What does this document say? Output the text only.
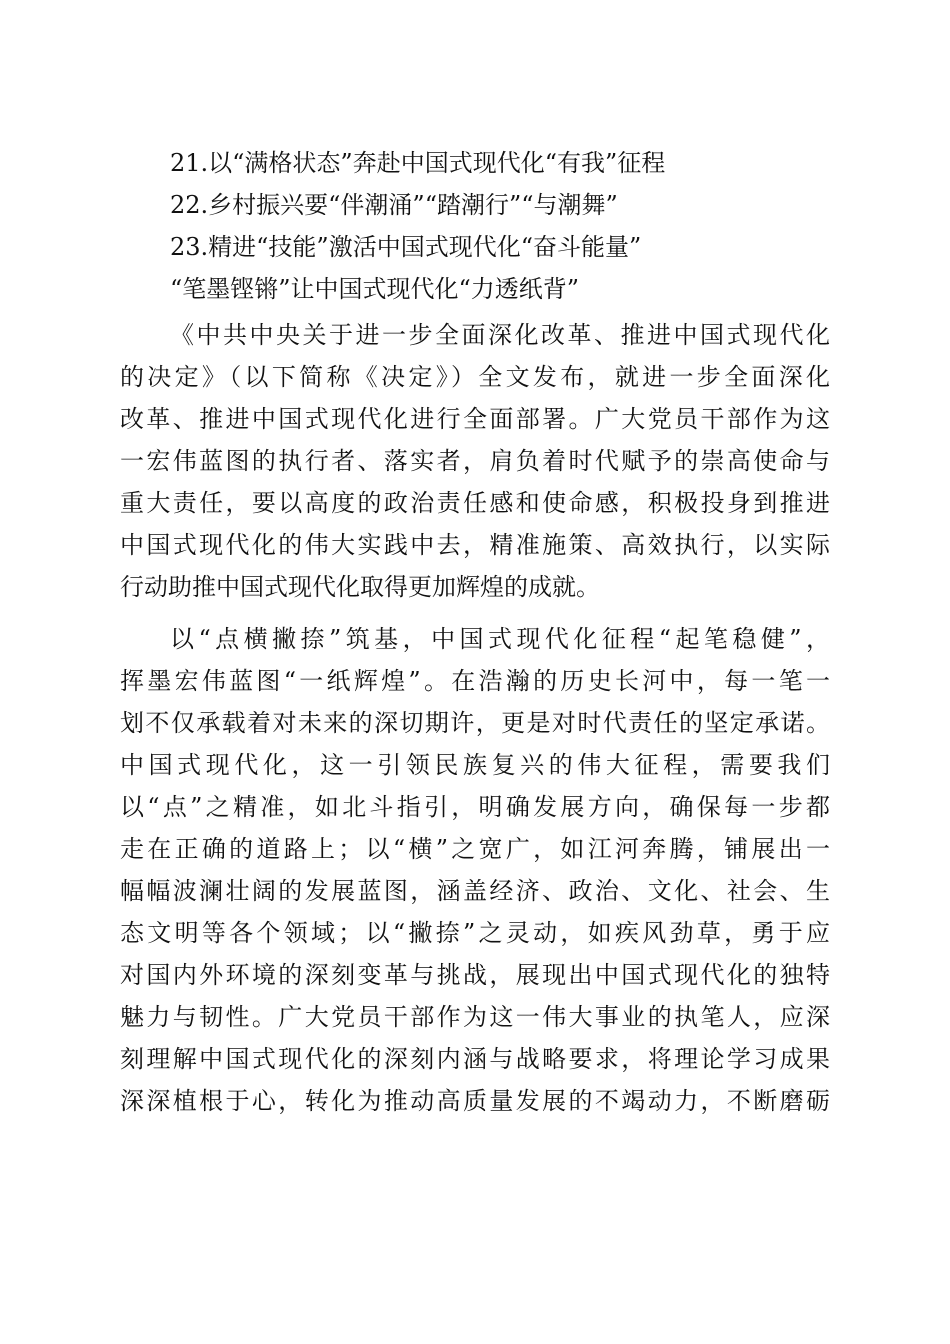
21.以“满格状态”奔赴中国式现代化“有我”征程
22.乡村振兴要“伴潮涌”“踏潮行”“与潮舞”
23.精进“技能”激活中国式现代化“奋斗能量”
“笔墨铿锵”让中国式现代化“力透纸背”
《中共中央关于进一步全面深化改革、推进中国式现代化
的决定》（以下简称《决定》）全文发布，就进一步全面深化
改革、推进中国式现代化进行全面部署。广大党员干部作为这
一宏伟蓝图的执行者、落实者，肩负着时代赋予的崇高使命与
重大责任，要以高度的政治责任感和使命感，积极投身到推进
中国式现代化的伟大实践中去，精准施策、高效执行，以实际
行动助推中国式现代化取得更加辉煌的成就。
以“点横撇捺”筑基，中国式现代化征程“起笔稳健”，
挥墨宏伟蓝图“一纸辉煌”。在浩瀚的历史长河中，每一笔一
划不仅承载着对未来的深切期许，更是对时代责任的坚定承诺。
中国式现代化，这一引领民族复兴的伟大征程，需要我们
以“点”之精准，如北斗指引，明确发展方向，确保每一步都
走在正确的道路上；以“横”之宽广，如江河奔腾，铺展出一
幅幅波澜壮阔的发展蓝图，涵盖经济、政治、文化、社会、生
态文明等各个领域；以“撇捺”之灵动，如疾风劲草，勇于应
对国内外环境的深刻变革与挑战，展现出中国式现代化的独特
魅力与韧性。广大党员干部作为这一伟大事业的执笔人，应深
刻理解中国式现代化的深刻内涵与战略要求，将理论学习成果
深深植根于心，转化为推动高质量发展的不竭动力，不断磨砺
